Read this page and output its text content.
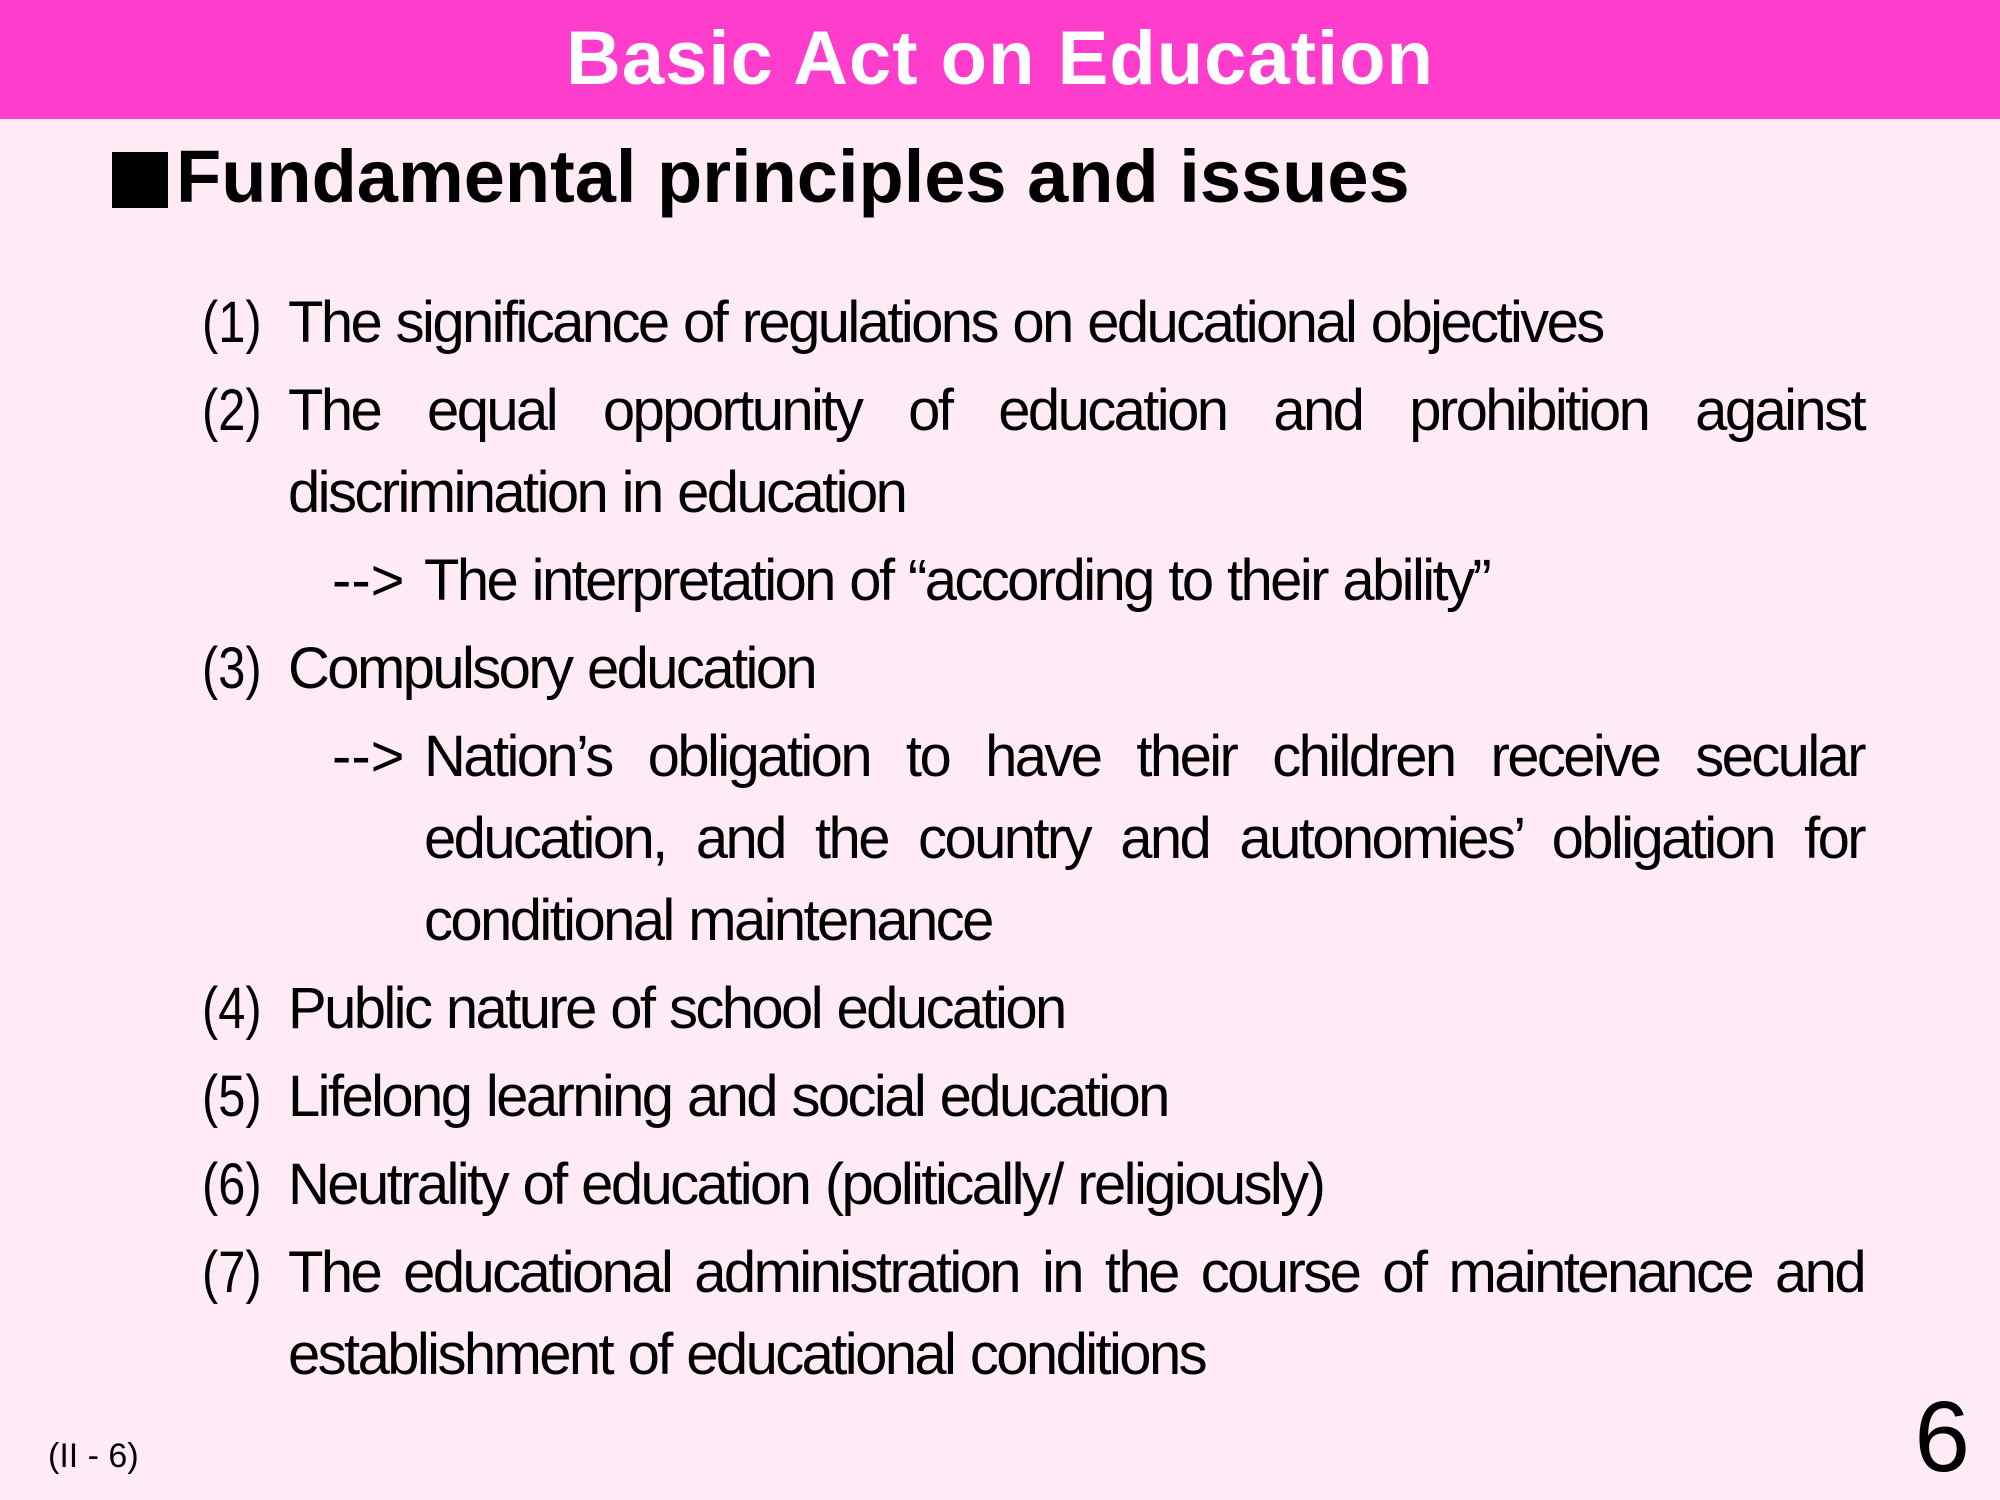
Basic Act on Education
Fundamental principles and issues
(1) The significance of regulations on educational objectives
(2) The equal opportunity of education and prohibition against discrimination in education
--> The interpretation of “according to their ability”
(3) Compulsory education
--> Nation’s obligation to have their children receive secular education, and the country and autonomies’ obligation for conditional maintenance
(4) Public nature of school education
(5) Lifelong learning and social education
(6) Neutrality of education (politically/ religiously)
(7) The educational administration in the course of maintenance and establishment of educational conditions
(II - 6)	6
